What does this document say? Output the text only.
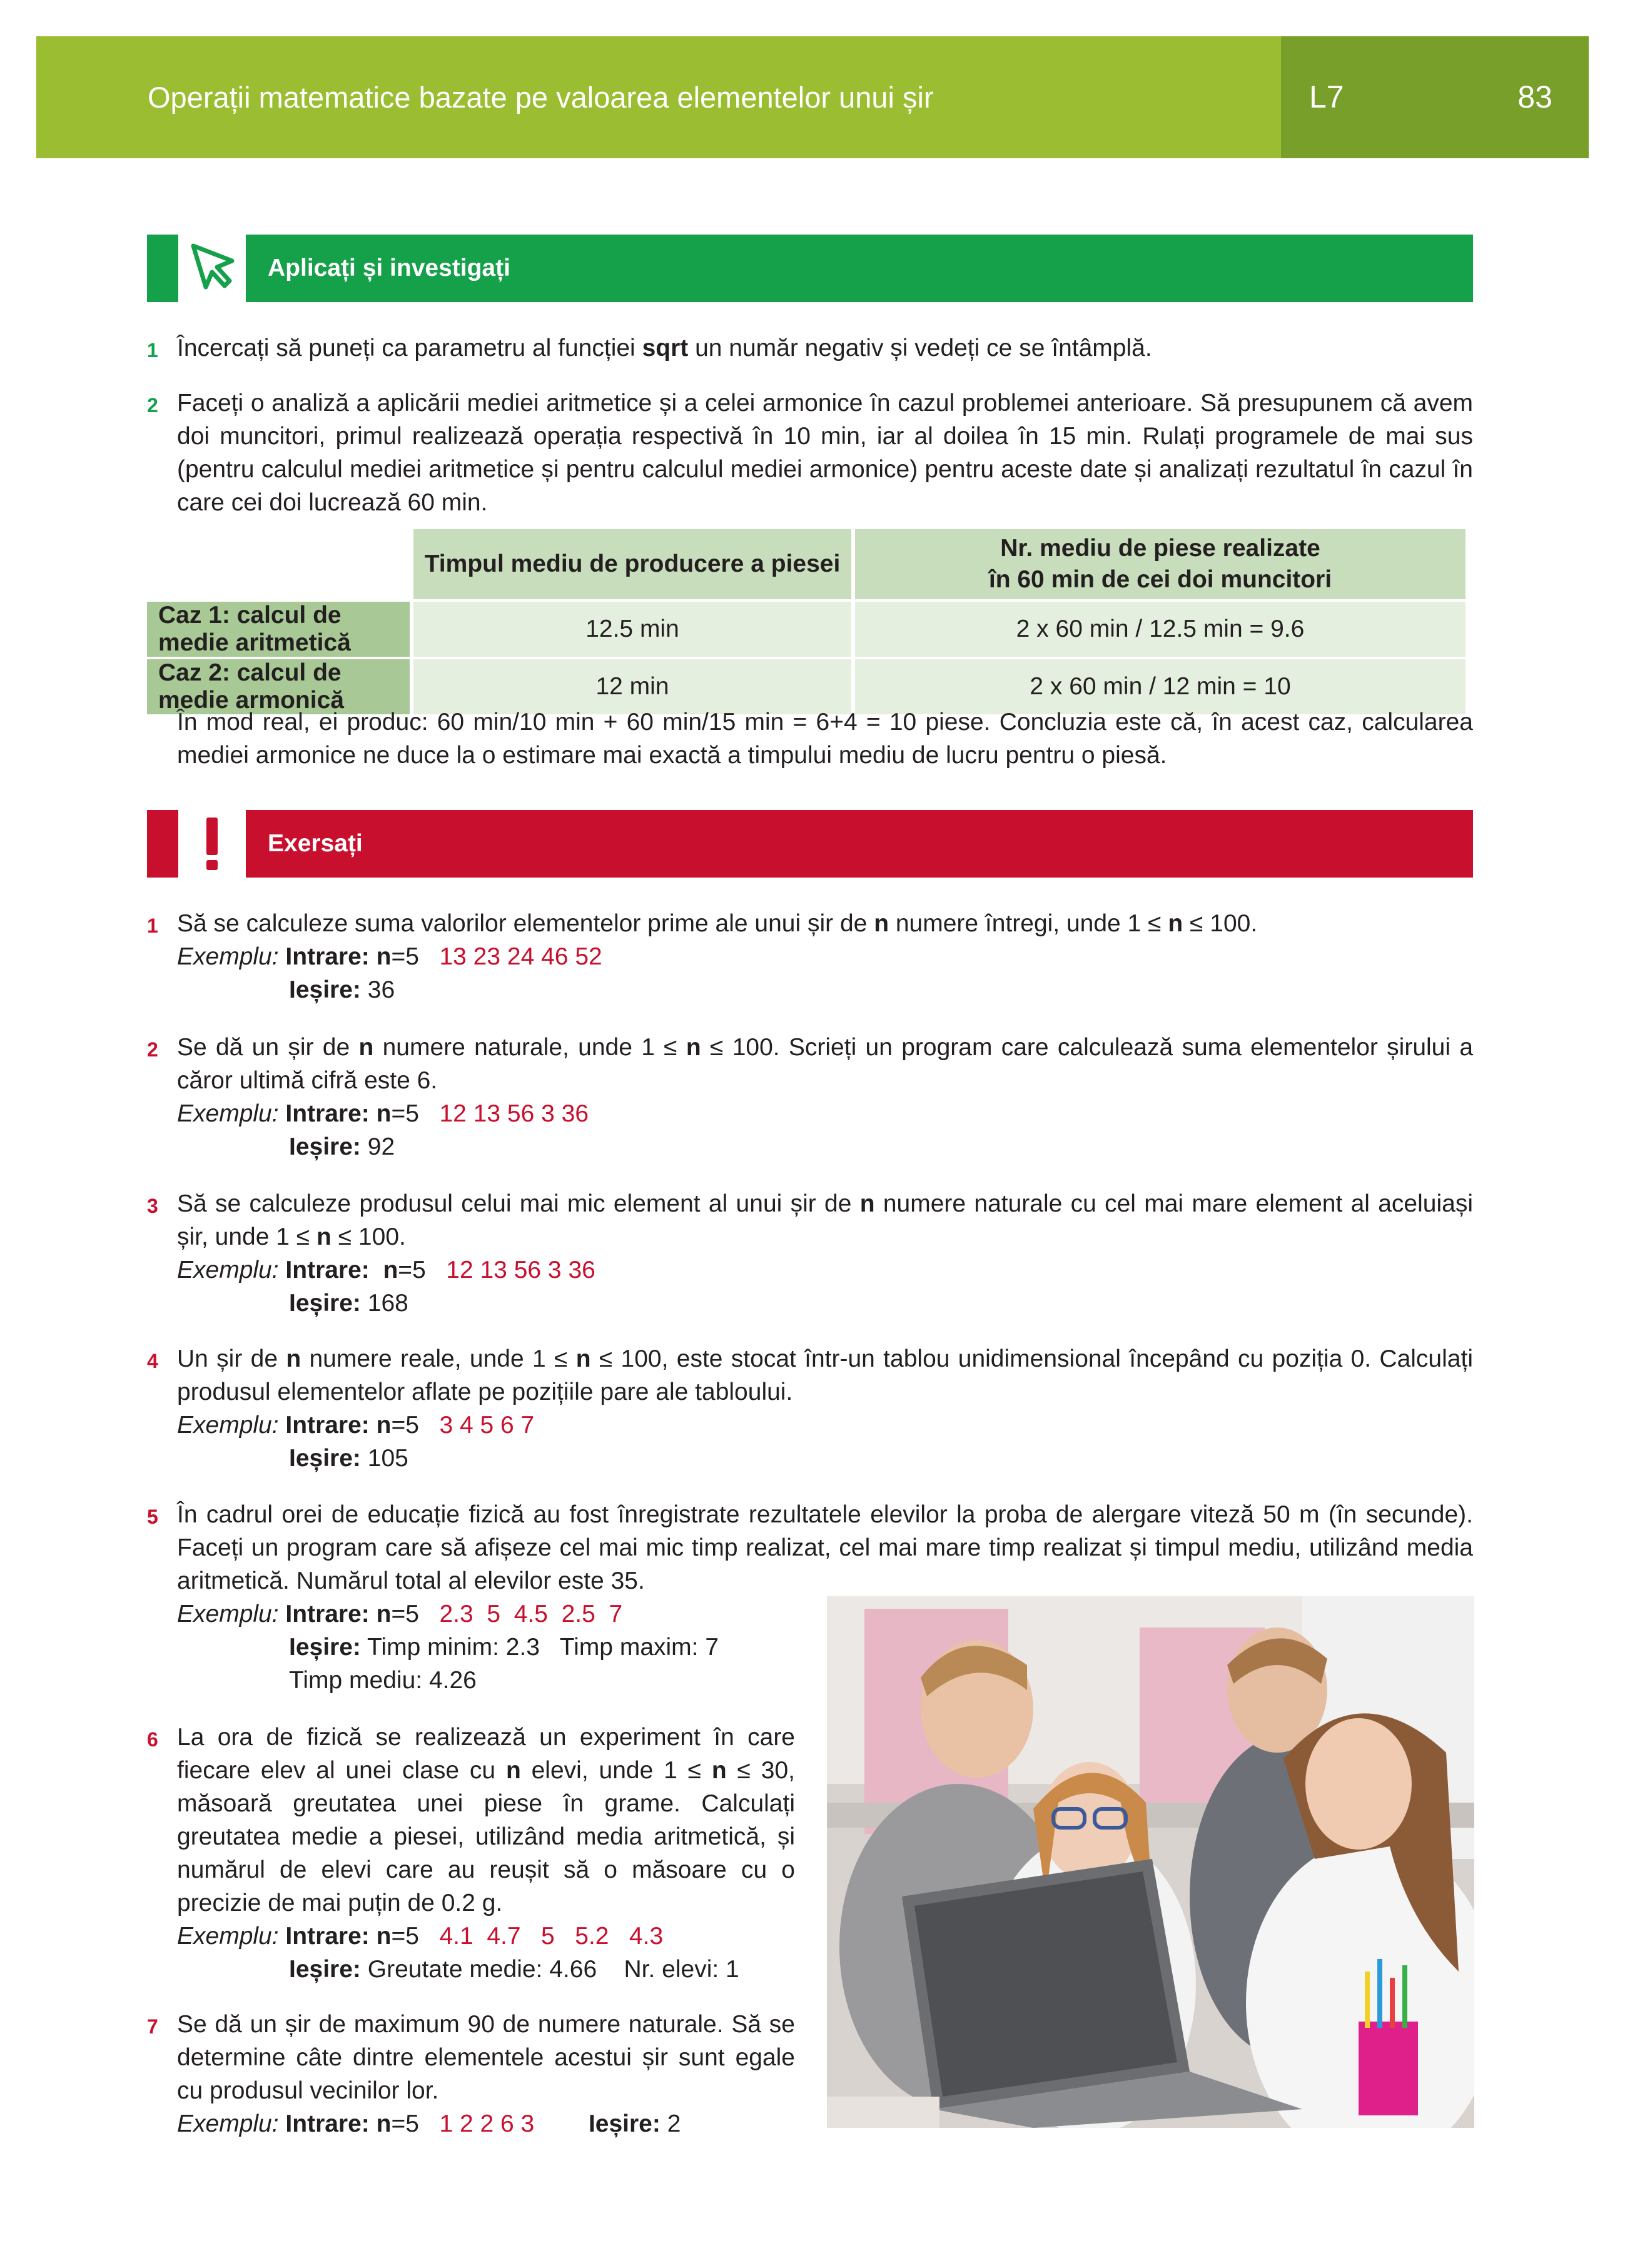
Operații matematice bazate pe valoarea elementelor unui șir	L7	83
Aplicați și investigați
1 Încercați să puneți ca parametru al funcției sqrt un număr negativ și vedeți ce se întâmplă.

2 Faceți o analiză a aplicării mediei aritmetice și a celei armonice în cazul problemei anterioare. Să presupunem că avem doi muncitori, primul realizează operația respectivă în 10 min, iar al doilea în 15 min. Rulați programele de mai sus (pentru calculul mediei aritmetice și pentru calculul mediei armonice) pentru aceste date și analizați rezultatul în cazul în care cei doi lucrează 60 min.

	Timpul mediu de producere a piesei	Nr. mediu de piese realizate
în 60 min de cei doi muncitori
Caz 1: calcul de medie aritmetică	12.5 min	2 x 60 min / 12.5 min = 9.6
Caz 2: calcul de medie armonică	12 min	2 x 60 min / 12 min = 10

În mod real, ei produc: 60 min/10 min + 60 min/15 min = 6+4 = 10 piese. Concluzia este că, în acest caz, calcularea mediei armonice ne duce la o estimare mai exactă a timpului mediu de lucru pentru o piesă.

Exersați
1 Să se calculeze suma valorilor elementelor prime ale unui șir de n numere întregi, unde 1 ≤ n ≤ 100.

Exemplu: Intrare: n=5 13 23 24 46 52
Ieșire: 36
2 Se dă un șir de n numere naturale, unde 1 ≤ n ≤ 100. Scrieți un program care calculează suma elementelor șirului a căror ultimă cifră este 6.

Exemplu: Intrare: n=5 12 13 56 3 36
Ieșire: 92
3 Să se calculeze produsul celui mai mic element al unui șir de n numere naturale cu cel mai mare element al aceluiași șir, unde 1 ≤ n ≤ 100.

Exemplu: Intrare: n=5 12 13 56 3 36
Ieșire: 168
4 Un șir de n numere reale, unde 1 ≤ n ≤ 100, este stocat într-un tablou unidimensional începând cu poziția 0. Calculați produsul elementelor aflate pe pozițiile pare ale tabloului.

Exemplu: Intrare: n=5 3 4 5 6 7
Ieșire: 105
5 În cadrul orei de educație fizică au fost înregistrate rezultatele elevilor la proba de alergare viteză 50 m (în secunde). Faceți un program care să afișeze cel mai mic timp realizat, cel mai mare timp realizat și timpul mediu, utilizând media aritmetică. Numărul total al elevilor este 35.

Exemplu: Intrare: n=5 2.3  5  4.5  2.5  7
Ieșire: Timp minim: 2.3   Timp maxim: 7
Timp mediu: 4.26
6 La ora de fizică se realizează un experiment în care fiecare elev al unei clase cu n elevi, unde 1 ≤ n ≤ 30, măsoară greutatea unei piese în grame. Calculați greutatea medie a piesei, utilizând media aritmetică, și numărul de elevi care au reușit să o măsoare cu o precizie de mai puțin de 0.2 g.

Exemplu: Intrare: n=5 4.1  4.7   5   5.2   4.3
Ieșire: Greutate medie: 4.66    Nr. elevi: 1
7 Se dă un șir de maximum 90 de numere naturale. Să se determine câte dintre elementele acestui șir sunt egale cu produsul vecinilor lor.

Exemplu: Intrare: n=5 1 2 2 6 3 Ieșire: 2
